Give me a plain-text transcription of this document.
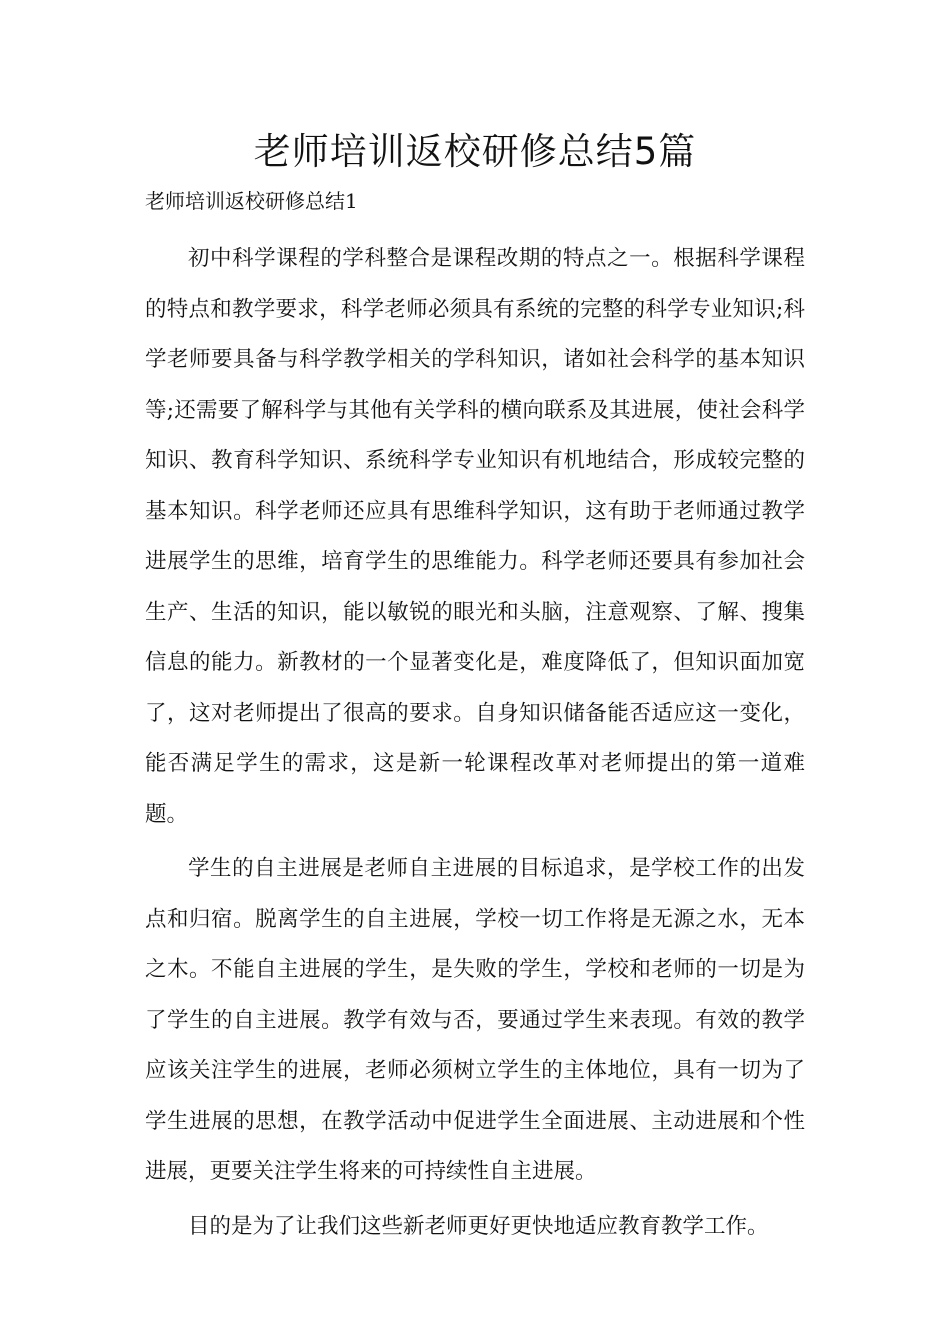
老师培训返校研修总结5篇
老师培训返校研修总结1

初中科学课程的学科整合是课程改期的特点之一。根据科学课程的特点和教学要求，科学老师必须具有系统的完整的科学专业知识;科学老师要具备与科学教学相关的学科知识，诸如社会科学的基本知识等;还需要了解科学与其他有关学科的横向联系及其进展，使社会科学知识、教育科学知识、系统科学专业知识有机地结合，形成较完整的基本知识。科学老师还应具有思维科学知识，这有助于老师通过教学进展学生的思维，培育学生的思维能力。科学老师还要具有参加社会生产、生活的知识，能以敏锐的眼光和头脑，注意观察、了解、搜集信息的能力。新教材的一个显著变化是，难度降低了，但知识面加宽了，这对老师提出了很高的要求。自身知识储备能否适应这一变化，能否满足学生的需求，这是新一轮课程改革对老师提出的第一道难题。

学生的自主进展是老师自主进展的目标追求，是学校工作的出发点和归宿。脱离学生的自主进展，学校一切工作将是无源之水，无本之木。不能自主进展的学生，是失败的学生，学校和老师的一切是为了学生的自主进展。教学有效与否，要通过学生来表现。有效的教学应该关注学生的进展，老师必须树立学生的主体地位，具有一切为了学生进展的思想，在教学活动中促进学生全面进展、主动进展和个性进展，更要关注学生将来的可持续性自主进展。

目的是为了让我们这些新老师更好更快地适应教育教学工作。
